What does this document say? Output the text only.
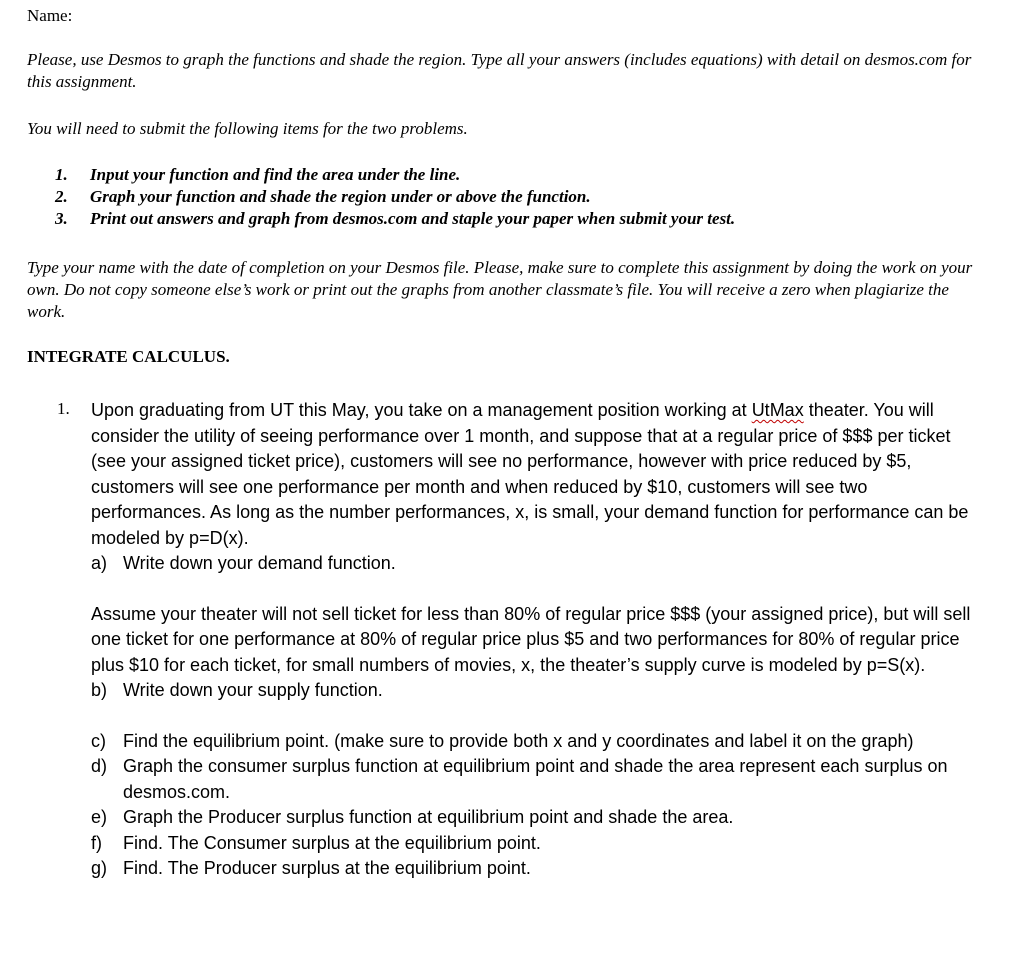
Name:
Please, use Desmos to graph the functions and shade the region. Type all your answers (includes equations) with detail on desmos.com for this assignment.
You will need to submit the following items for the two problems.
1.	Input your function and find the area under the line.
2.	Graph your function and shade the region under or above the function.
3.	Print out answers and graph from desmos.com and staple your paper when submit your test.
Type your name with the date of completion on your Desmos file. Please, make sure to complete this assignment by doing the work on your own. Do not copy someone else’s work or print out the graphs from another classmate’s file. You will receive a zero when plagiarize the work.
INTEGRATE CALCULUS.
1.	Upon graduating from UT this May, you take on a management position working at UtMax theater. You will consider the utility of seeing performance over 1 month, and suppose that at a regular price of $$$ per ticket (see your assigned ticket price), customers will see no performance, however with price reduced by $5, customers will see one performance per month and when reduced by $10, customers will see two performances. As long as the number performances, x, is small, your demand function for performance can be modeled by p=D(x).

a) Write down your demand function.

Assume your theater will not sell ticket for less than 80% of regular price $$$ (your assigned price), but will sell one ticket for one performance at 80% of regular price plus $5 and two performances for 80% of regular price plus $10 for each ticket, for small numbers of movies, x, the theater’s supply curve is modeled by p=S(x).

b) Write down your supply function.
c) Find the equilibrium point. (make sure to provide both x and y coordinates and label it on the graph)
d) Graph the consumer surplus function at equilibrium point and shade the area represent each surplus on desmos.com.
e) Graph the Producer surplus function at equilibrium point and shade the area.
f)	Find. The Consumer surplus at the equilibrium point.
g) Find. The Producer surplus at the equilibrium point.
